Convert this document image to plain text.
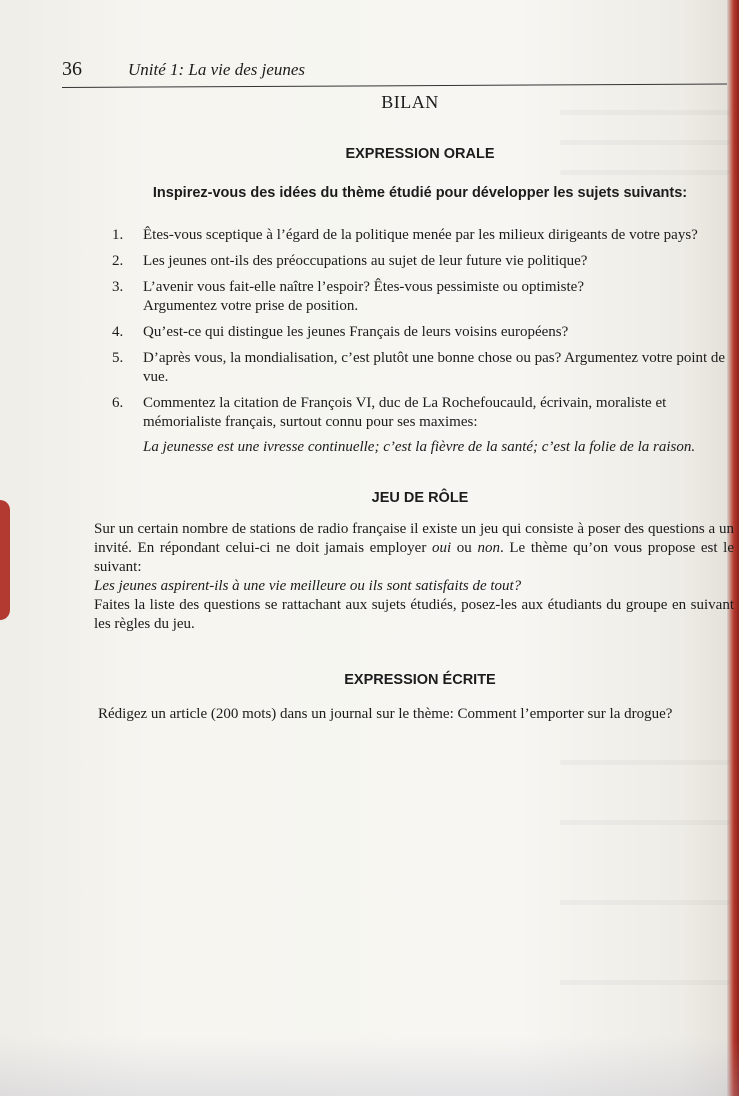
36	Unité 1: La vie des jeunes
BILAN
EXPRESSION ORALE
Inspirez-vous des idées du thème étudié pour développer les sujets suivants:
1. Êtes-vous sceptique à l’égard de la politique menée par les milieux dirigeants de votre pays?
2. Les jeunes ont-ils des préoccupations au sujet de leur future vie politique?
3. L’avenir vous fait-elle naître l’espoir? Êtes-vous pessimiste ou optimiste?
Argumentez votre prise de position.
4. Qu’est-ce qui distingue les jeunes Français de leurs voisins européens?
5. D’après vous, la mondialisation, c’est plutôt une bonne chose ou pas? Argumentez votre point de vue.
6. Commentez la citation de François VI, duc de La Rochefoucauld, écrivain, moraliste et mémorialiste français, surtout connu pour ses maximes:
La jeunesse est une ivresse continuelle; c’est la fièvre de la santé; c’est la folie de la raison.
JEU DE RÔLE

Sur un certain nombre de stations de radio française il existe un jeu qui consiste à poser des questions a un invité. En répondant celui-ci ne doit jamais employer oui ou non. Le thème qu’on vous propose est le suivant:

Les jeunes aspirent-ils à une vie meilleure ou ils sont satisfaits de tout?

Faites la liste des questions se rattachant aux sujets étudiés, posez-les aux étudiants du groupe en suivant les règles du jeu.

EXPRESSION ÉCRITE
Rédigez un article (200 mots) dans un journal sur le thème: Comment l’emporter sur la drogue?
